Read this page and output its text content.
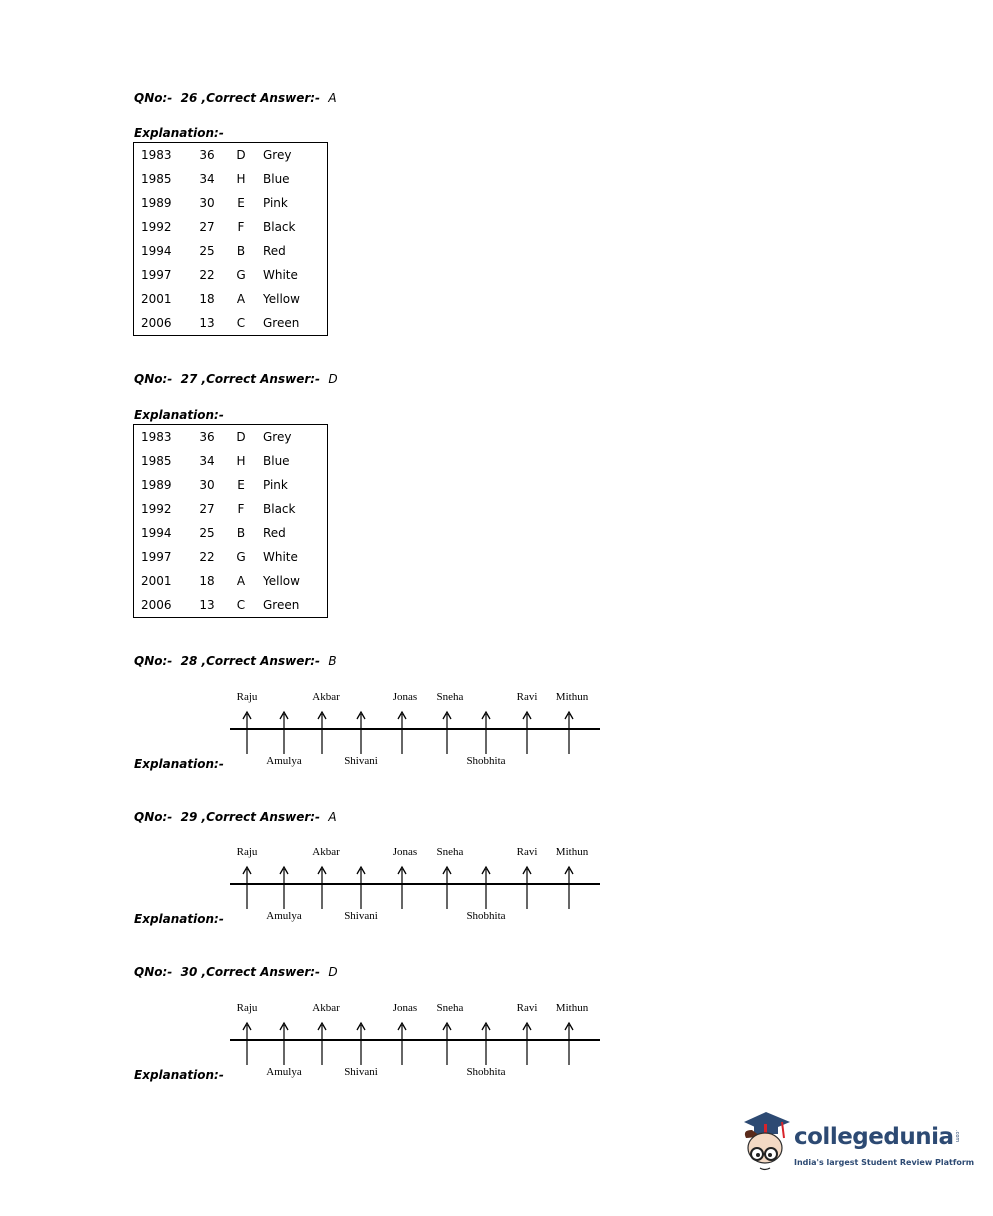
QNo:- 26 ,Correct Answer:- A
Explanation:-
1983	36	D	Grey
1985	34	H	Blue
1989	30	E	Pink
1992	27	F	Black
1994	25	B	Red
1997	22	G	White
2001	18	A	Yellow
2006	13	C	Green
QNo:- 27 ,Correct Answer:- D
Explanation:-
1983	36	D	Grey
1985	34	H	Blue
1989	30	E	Pink
1992	27	F	Black
1994	25	B	Red
1997	22	G	White
2001	18	A	Yellow
2006	13	C	Green
QNo:- 28 ,Correct Answer:- B
Raju	Akbar	Jonas Sneha	Ravi Mithun
Amulya	Shivani	Shobhita
Explanation:-
QNo:- 29 ,Correct Answer:- A
Raju	Akbar	Jonas Sneha	Ravi Mithun
Amulya	Shivani	Shobhita
Explanation:-
QNo:- 30 ,Correct Answer:- D
Raju	Akbar	Jonas Sneha	Ravi Mithun
Amulya	Shivani	Shobhita
Explanation:-
collegedunia .com
India's largest Student Review Platform
